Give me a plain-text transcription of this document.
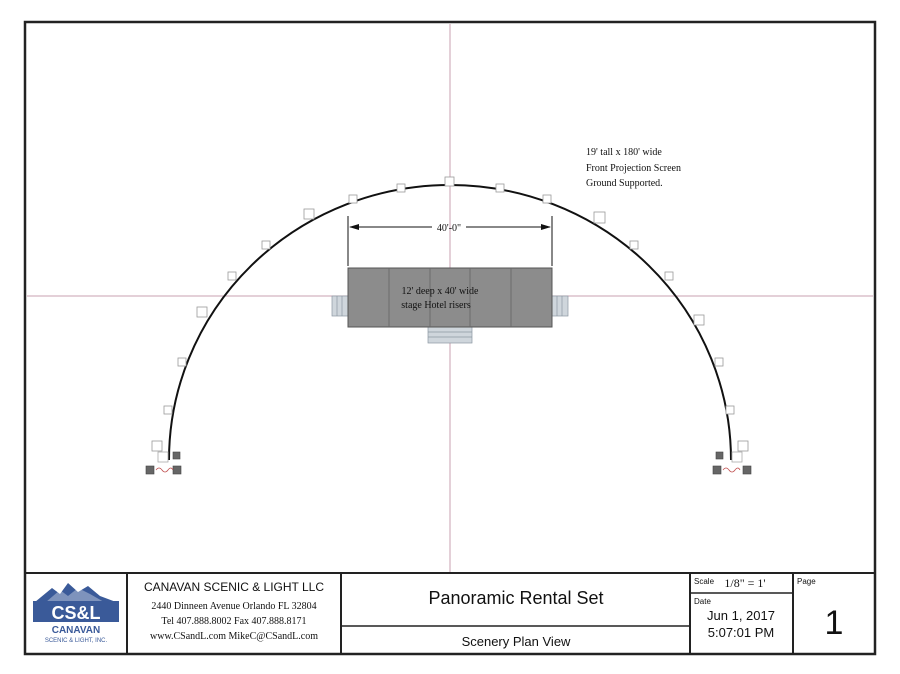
40'-0"
12' deep x 40' wide
stage Hotel risers
19' tall x 180' wide
Front Projection Screen
Ground Supported.
CS&L
CANAVAN
SCENIC & LIGHT, INC.
CANAVAN SCENIC & LIGHT LLC
2440 Dinneen Avenue Orlando FL 32804
Tel 407.888.8002 Fax 407.888.8171
www.CSandL.com MikeC@CSandL.com
Panoramic Rental Set
Scenery Plan View
Scale 1/8" = 1'
Date
Jun 1, 2017
5:07:01 PM
Page
1
